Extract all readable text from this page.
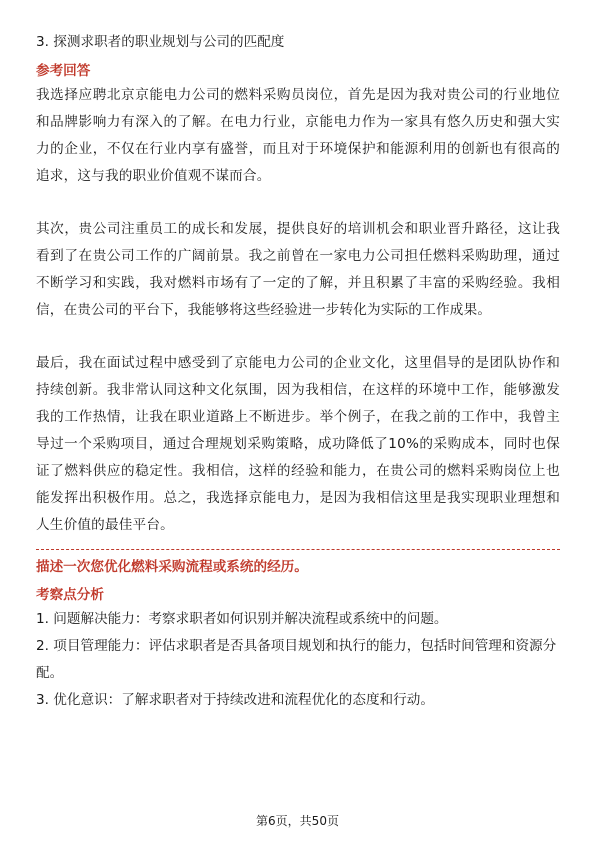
3. 探测求职者的职业规划与公司的匹配度

参考回答

我选择应聘北京京能电力公司的燃料采购员岗位，首先是因为我对贵公司的行业地位和品牌影响力有深入的了解。在电力行业，京能电力作为一家具有悠久历史和强大实力的企业，不仅在行业内享有盛誉，而且对于环境保护和能源利用的创新也有很高的追求，这与我的职业价值观不谋而合。

其次，贵公司注重员工的成长和发展，提供良好的培训机会和职业晋升路径，这让我看到了在贵公司工作的广阔前景。我之前曾在一家电力公司担任燃料采购助理，通过不断学习和实践，我对燃料市场有了一定的了解，并且积累了丰富的采购经验。我相信，在贵公司的平台下，我能够将这些经验进一步转化为实际的工作成果。

最后，我在面试过程中感受到了京能电力公司的企业文化，这里倡导的是团队协作和持续创新。我非常认同这种文化氛围，因为我相信，在这样的环境中工作，能够激发我的工作热情，让我在职业道路上不断进步。举个例子，在我之前的工作中，我曾主导过一个采购项目，通过合理规划采购策略，成功降低了10%的采购成本，同时也保证了燃料供应的稳定性。我相信，这样的经验和能力，在贵公司的燃料采购岗位上也能发挥出积极作用。总之，我选择京能电力，是因为我相信这里是我实现职业理想和人生价值的最佳平台。

描述一次您优化燃料采购流程或系统的经历。

考察点分析

1. 问题解决能力：考察求职者如何识别并解决流程或系统中的问题。

2. 项目管理能力：评估求职者是否具备项目规划和执行的能力，包括时间管理和资源分配。

3. 优化意识：了解求职者对于持续改进和流程优化的态度和行动。

第6页，共50页
